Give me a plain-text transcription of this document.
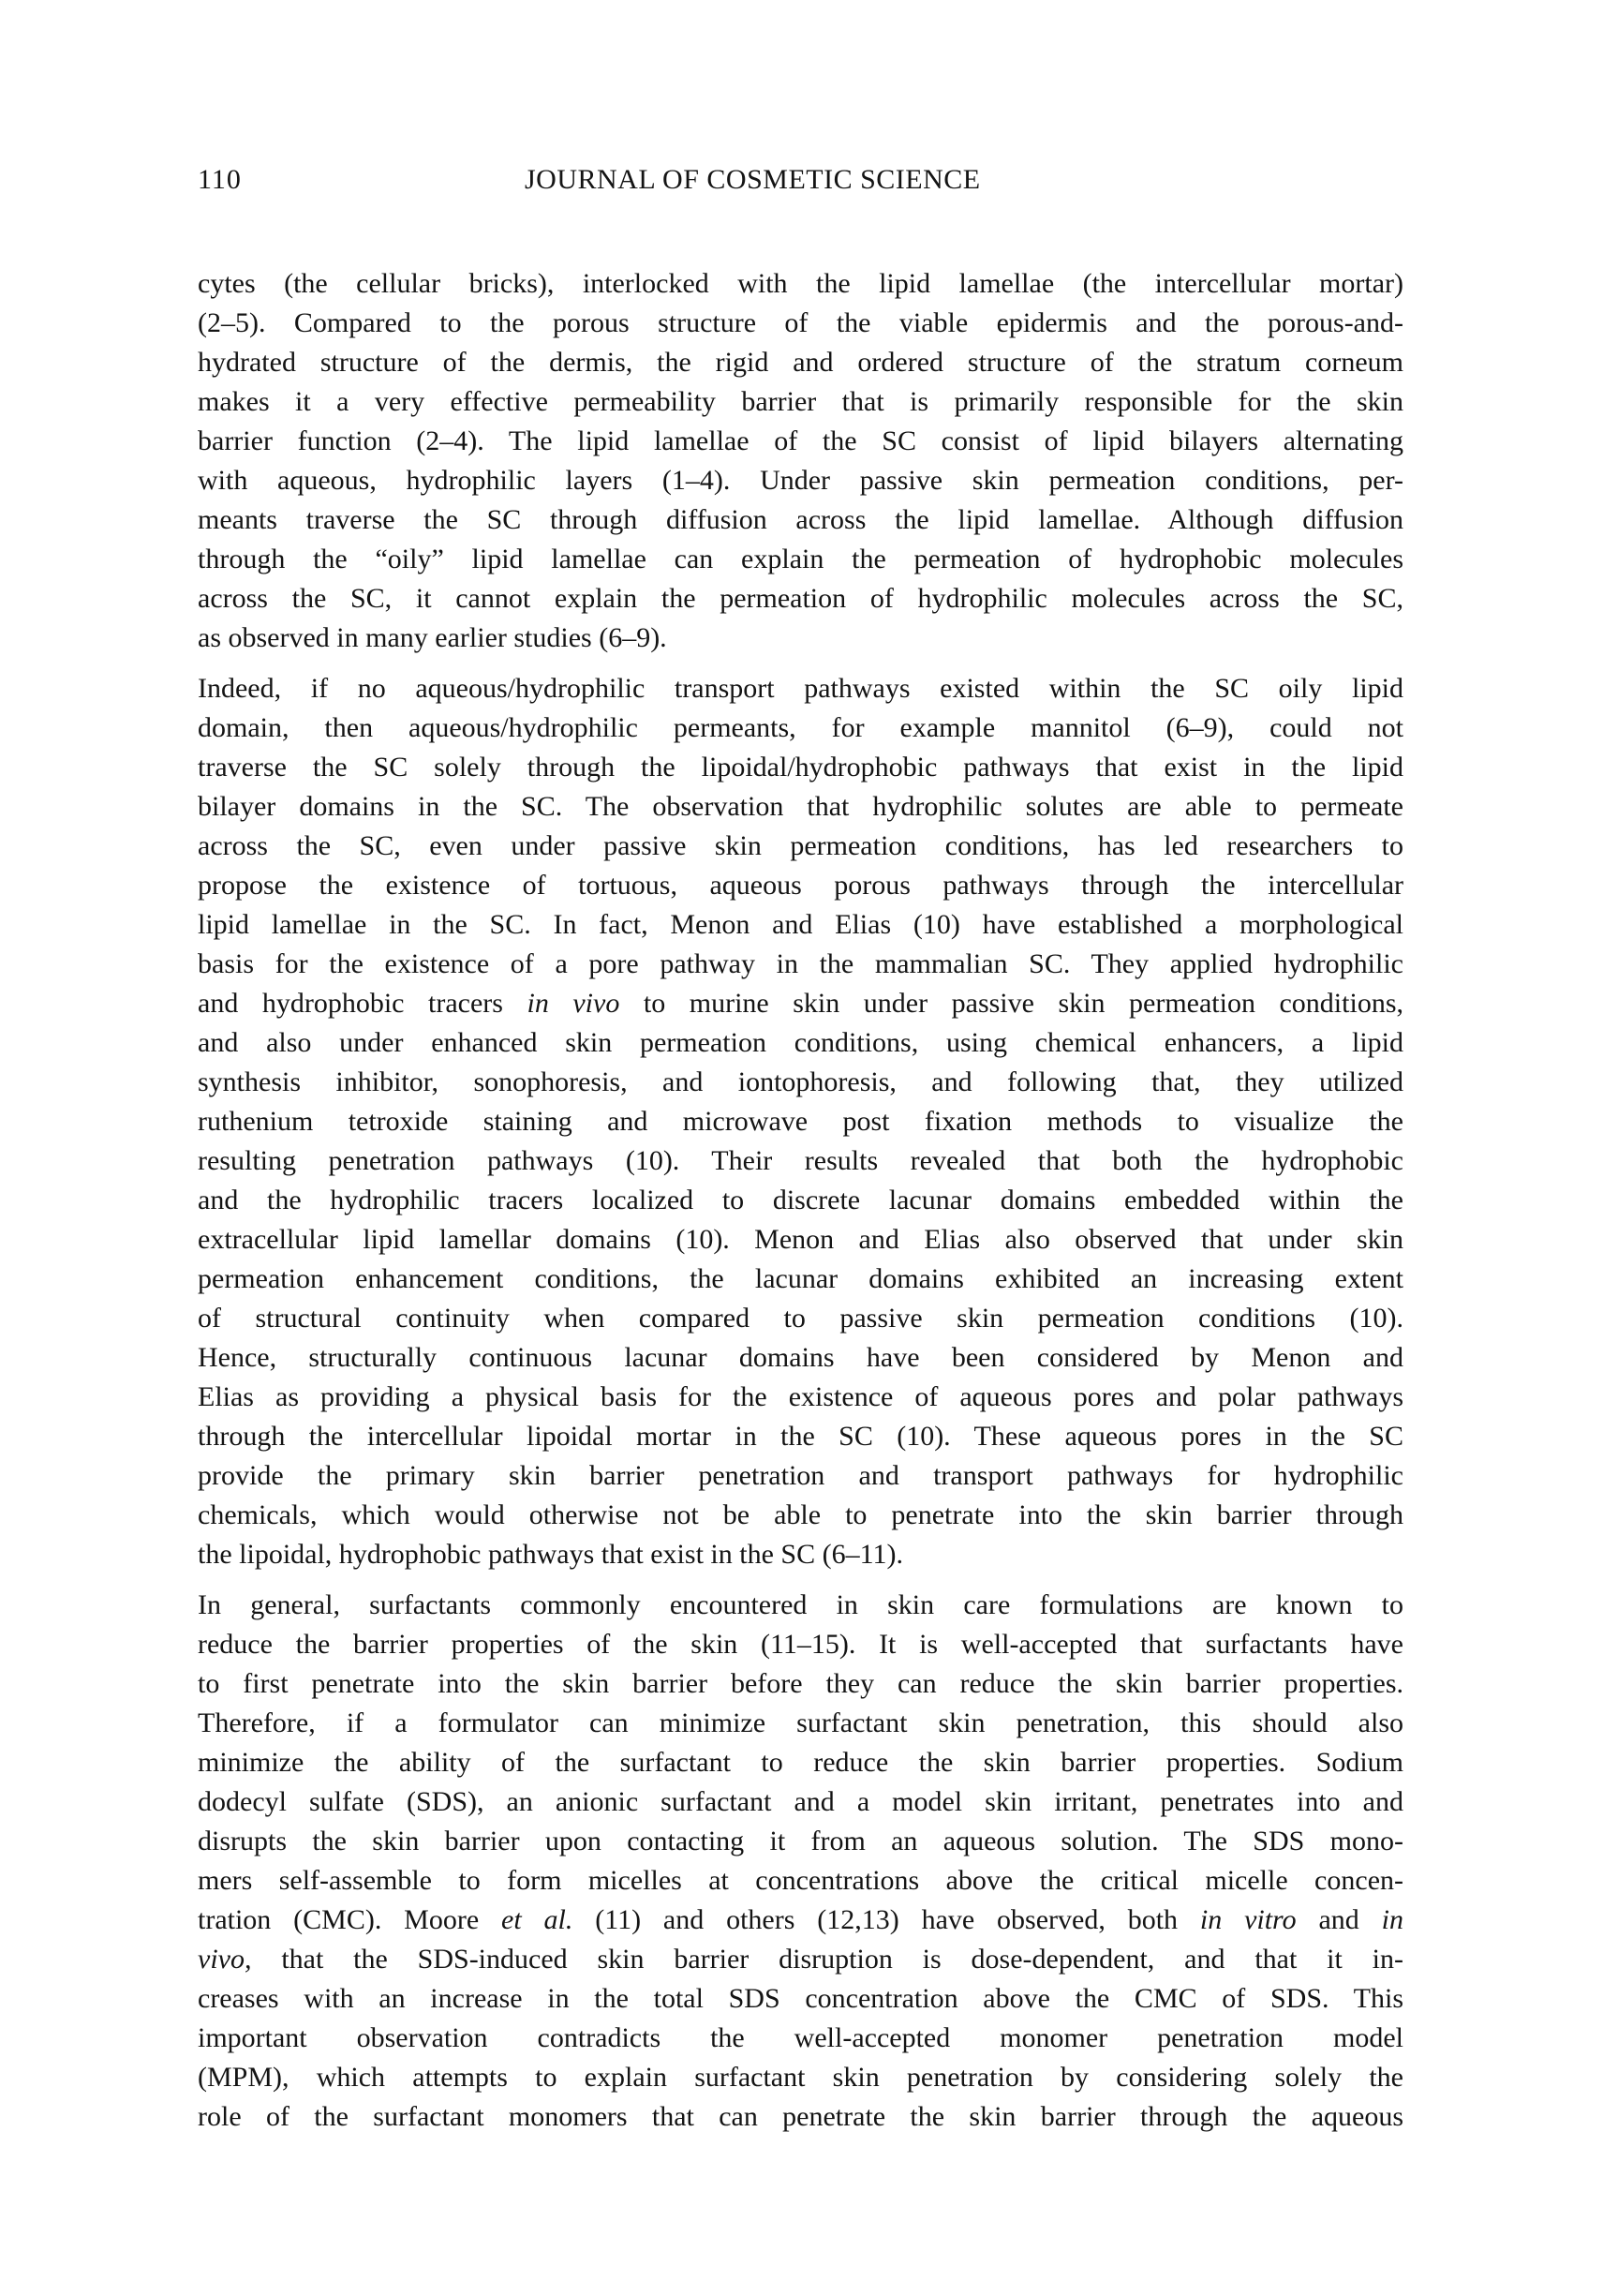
110	JOURNAL OF COSMETIC SCIENCE
cytes (the cellular bricks), interlocked with the lipid lamellae (the intercellular mortar)
(2–5). Compared to the porous structure of the viable epidermis and the porous-and-
hydrated structure of the dermis, the rigid and ordered structure of the stratum corneum
makes it a very effective permeability barrier that is primarily responsible for the skin
barrier function (2–4). The lipid lamellae of the SC consist of lipid bilayers alternating
with aqueous, hydrophilic layers (1–4). Under passive skin permeation conditions, per-
meants traverse the SC through diffusion across the lipid lamellae. Although diffusion
through the “oily” lipid lamellae can explain the permeation of hydrophobic molecules
across the SC, it cannot explain the permeation of hydrophilic molecules across the SC,
as observed in many earlier studies (6–9).
Indeed, if no aqueous/hydrophilic transport pathways existed within the SC oily lipid
domain, then aqueous/hydrophilic permeants, for example mannitol (6–9), could not
traverse the SC solely through the lipoidal/hydrophobic pathways that exist in the lipid
bilayer domains in the SC. The observation that hydrophilic solutes are able to permeate
across the SC, even under passive skin permeation conditions, has led researchers to
propose the existence of tortuous, aqueous porous pathways through the intercellular
lipid lamellae in the SC. In fact, Menon and Elias (10) have established a morphological
basis for the existence of a pore pathway in the mammalian SC. They applied hydrophilic
and hydrophobic tracers in vivo to murine skin under passive skin permeation conditions,
and also under enhanced skin permeation conditions, using chemical enhancers, a lipid
synthesis inhibitor, sonophoresis, and iontophoresis, and following that, they utilized
ruthenium tetroxide staining and microwave post fixation methods to visualize the
resulting penetration pathways (10). Their results revealed that both the hydrophobic
and the hydrophilic tracers localized to discrete lacunar domains embedded within the
extracellular lipid lamellar domains (10). Menon and Elias also observed that under skin
permeation enhancement conditions, the lacunar domains exhibited an increasing extent
of structural continuity when compared to passive skin permeation conditions (10).
Hence, structurally continuous lacunar domains have been considered by Menon and
Elias as providing a physical basis for the existence of aqueous pores and polar pathways
through the intercellular lipoidal mortar in the SC (10). These aqueous pores in the SC
provide the primary skin barrier penetration and transport pathways for hydrophilic
chemicals, which would otherwise not be able to penetrate into the skin barrier through
the lipoidal, hydrophobic pathways that exist in the SC (6–11).
In general, surfactants commonly encountered in skin care formulations are known to
reduce the barrier properties of the skin (11–15). It is well-accepted that surfactants have
to first penetrate into the skin barrier before they can reduce the skin barrier properties.
Therefore, if a formulator can minimize surfactant skin penetration, this should also
minimize the ability of the surfactant to reduce the skin barrier properties. Sodium
dodecyl sulfate (SDS), an anionic surfactant and a model skin irritant, penetrates into and
disrupts the skin barrier upon contacting it from an aqueous solution. The SDS mono-
mers self-assemble to form micelles at concentrations above the critical micelle concen-
tration (CMC). Moore et al. (11) and others (12,13) have observed, both in vitro and in
vivo, that the SDS-induced skin barrier disruption is dose-dependent, and that it in-
creases with an increase in the total SDS concentration above the CMC of SDS. This
important observation contradicts the well-accepted monomer penetration model
(MPM), which attempts to explain surfactant skin penetration by considering solely the
role of the surfactant monomers that can penetrate the skin barrier through the aqueous
